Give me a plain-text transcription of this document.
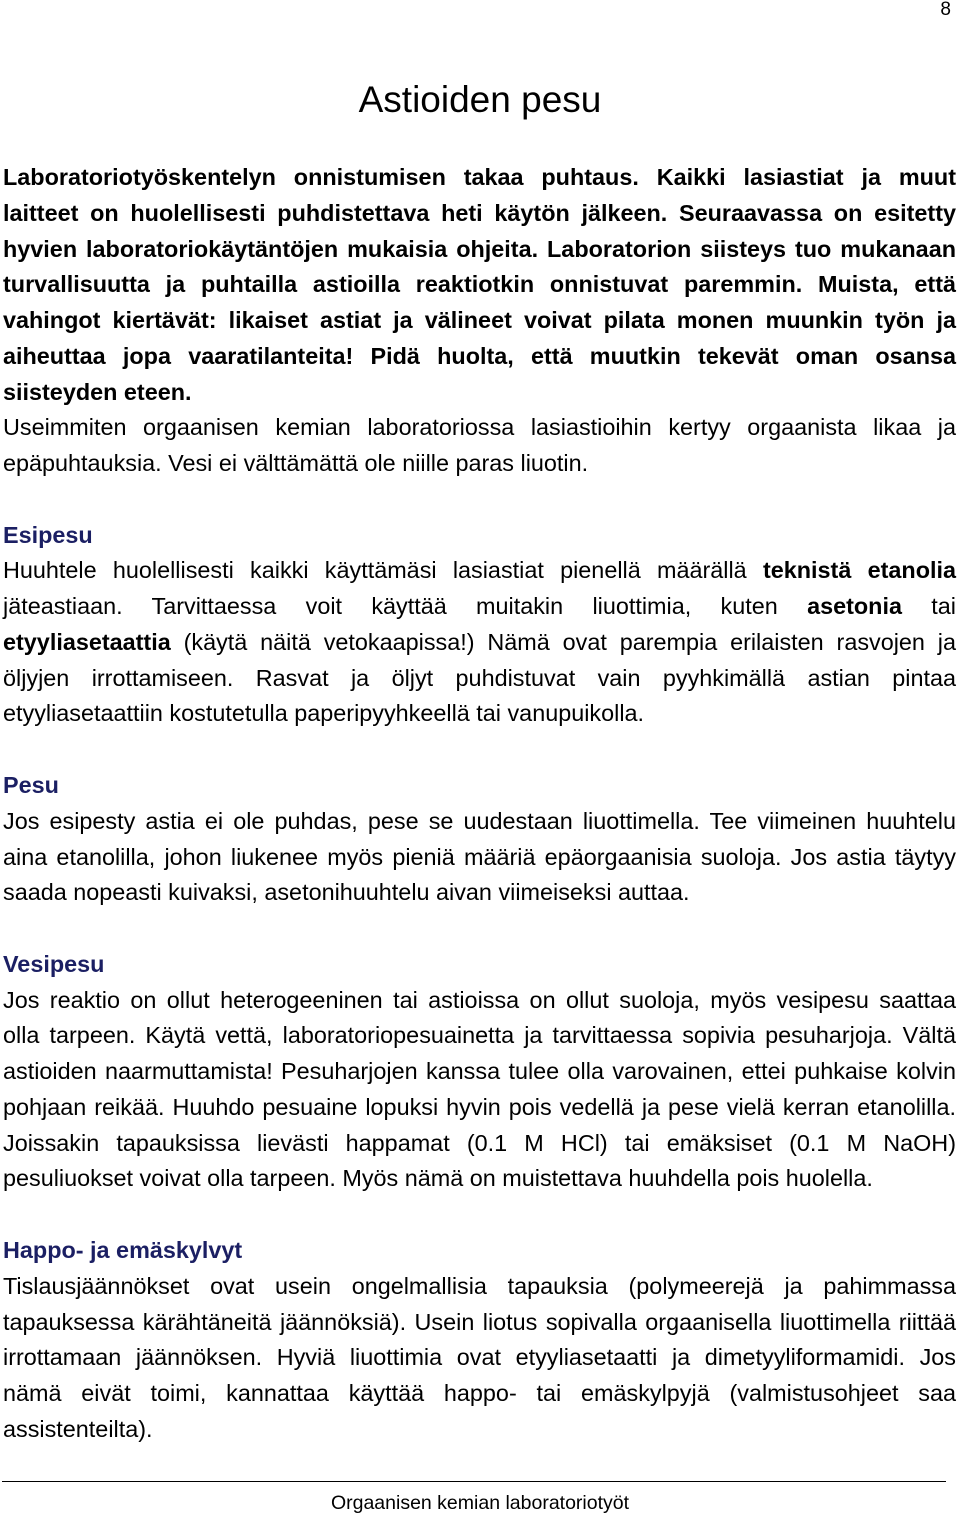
8
Astioiden pesu
Laboratoriotyöskentelyn onnistumisen takaa puhtaus. Kaikki lasiastiat ja muut
laitteet on huolellisesti puhdistettava heti käytön jälkeen. Seuraavassa on esitetty
hyvien laboratoriokäytäntöjen mukaisia ohjeita. Laboratorion siisteys tuo mukanaan
turvallisuutta ja puhtailla astioilla reaktiotkin onnistuvat paremmin. Muista, että
vahingot kiertävät: likaiset astiat ja välineet voivat pilata monen muunkin työn ja
aiheuttaa jopa vaaratilanteita! Pidä huolta, että muutkin tekevät oman osansa
siisteyden eteen.
Useimmiten orgaanisen kemian laboratoriossa lasiastioihin kertyy orgaanista likaa ja
epäpuhtauksia. Vesi ei välttämättä ole niille paras liuotin.
Esipesu
Huuhtele huolellisesti kaikki käyttämäsi lasiastiat pienellä määrällä teknistä etanolia
jäteastiaan. Tarvittaessa voit käyttää muitakin liuottimia, kuten asetonia tai
etyyliasetaattia (käytä näitä vetokaapissa!) Nämä ovat parempia erilaisten rasvojen ja
öljyjen irrottamiseen. Rasvat ja öljyt puhdistuvat vain pyyhkimällä astian pintaa
etyyliasetaattiin kostutetulla paperipyyhkeellä tai vanupuikolla.
Pesu
Jos esipesty astia ei ole puhdas, pese se uudestaan liuottimella. Tee viimeinen huuhtelu
aina etanolilla, johon liukenee myös pieniä määriä epäorgaanisia suoloja. Jos astia täytyy
saada nopeasti kuivaksi, asetonihuuhtelu aivan viimeiseksi auttaa.
Vesipesu
Jos reaktio on ollut heterogeeninen tai astioissa on ollut suoloja, myös vesipesu saattaa
olla tarpeen. Käytä vettä, laboratoriopesuainetta ja tarvittaessa sopivia pesuharjoja. Vältä
astioiden naarmuttamista! Pesuharjojen kanssa tulee olla varovainen, ettei puhkaise kolvin
pohjaan reikää. Huuhdo pesuaine lopuksi hyvin pois vedellä ja pese vielä kerran etanolilla.
Joissakin tapauksissa lievästi happamat (0.1 M HCl) tai emäksiset (0.1 M NaOH)
pesuliuokset voivat olla tarpeen. Myös nämä on muistettava huuhdella pois huolella.
Happo- ja emäskylvyt
Tislausjäännökset ovat usein ongelmallisia tapauksia (polymeerejä ja pahimmassa
tapauksessa kärähtäneitä jäännöksiä). Usein liotus sopivalla orgaanisella liuottimella riittää
irrottamaan jäännöksen. Hyviä liuottimia ovat etyyliasetaatti ja dimetyyliformamidi. Jos
nämä eivät toimi, kannattaa käyttää happo- tai emäskylpyjä (valmistusohjeet saa
assistenteilta).
Orgaanisen kemian laboratoriotyöt
